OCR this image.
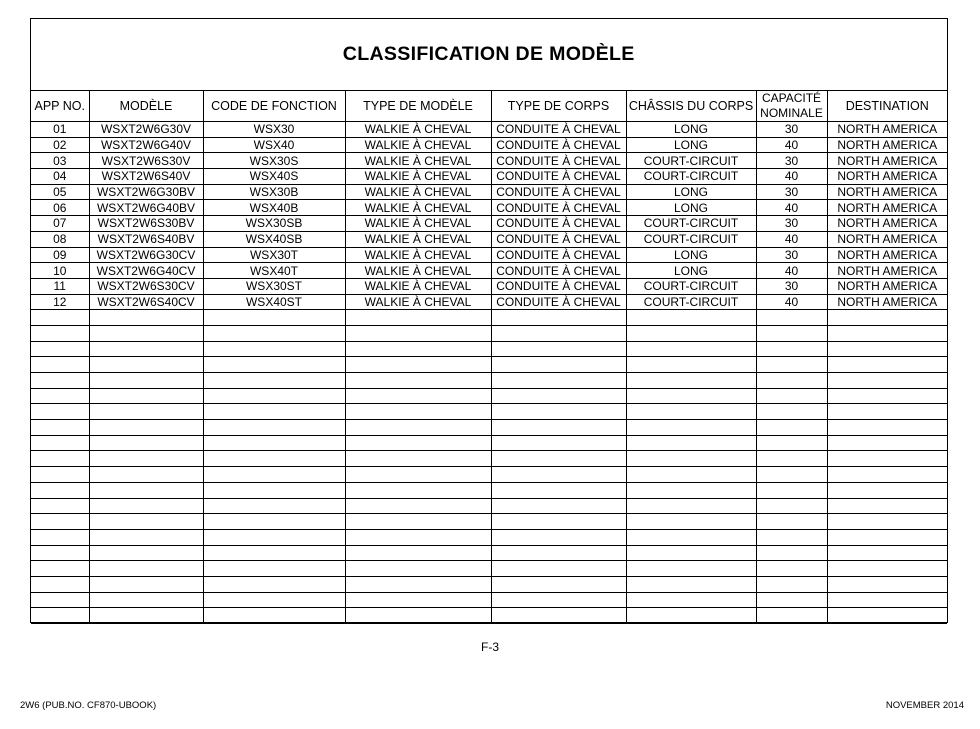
CLASSIFICATION DE MODÈLE
APP NO.	MODÈLE	CODE DE FONCTION	TYPE DE MODÈLE	TYPE DE CORPS	CHÂSSIS DU CORPS	CAPACITÉ NOMINALE	DESTINATION
01	WSXT2W6G30V	WSX30	WALKIE À CHEVAL	CONDUITE À CHEVAL	LONG	30	NORTH AMERICA
02	WSXT2W6G40V	WSX40	WALKIE À CHEVAL	CONDUITE À CHEVAL	LONG	40	NORTH AMERICA
03	WSXT2W6S30V	WSX30S	WALKIE À CHEVAL	CONDUITE À CHEVAL	COURT-CIRCUIT	30	NORTH AMERICA
04	WSXT2W6S40V	WSX40S	WALKIE À CHEVAL	CONDUITE À CHEVAL	COURT-CIRCUIT	40	NORTH AMERICA
05	WSXT2W6G30BV	WSX30B	WALKIE À CHEVAL	CONDUITE À CHEVAL	LONG	30	NORTH AMERICA
06	WSXT2W6G40BV	WSX40B	WALKIE À CHEVAL	CONDUITE À CHEVAL	LONG	40	NORTH AMERICA
07	WSXT2W6S30BV	WSX30SB	WALKIE À CHEVAL	CONDUITE À CHEVAL	COURT-CIRCUIT	30	NORTH AMERICA
08	WSXT2W6S40BV	WSX40SB	WALKIE À CHEVAL	CONDUITE À CHEVAL	COURT-CIRCUIT	40	NORTH AMERICA
09	WSXT2W6G30CV	WSX30T	WALKIE À CHEVAL	CONDUITE À CHEVAL	LONG	30	NORTH AMERICA
10	WSXT2W6G40CV	WSX40T	WALKIE À CHEVAL	CONDUITE À CHEVAL	LONG	40	NORTH AMERICA
11	WSXT2W6S30CV	WSX30ST	WALKIE À CHEVAL	CONDUITE À CHEVAL	COURT-CIRCUIT	30	NORTH AMERICA
12	WSXT2W6S40CV	WSX40ST	WALKIE À CHEVAL	CONDUITE À CHEVAL	COURT-CIRCUIT	40	NORTH AMERICA

F-3
2W6 (PUB.NO. CF870-UBOOK)	NOVEMBER 2014
